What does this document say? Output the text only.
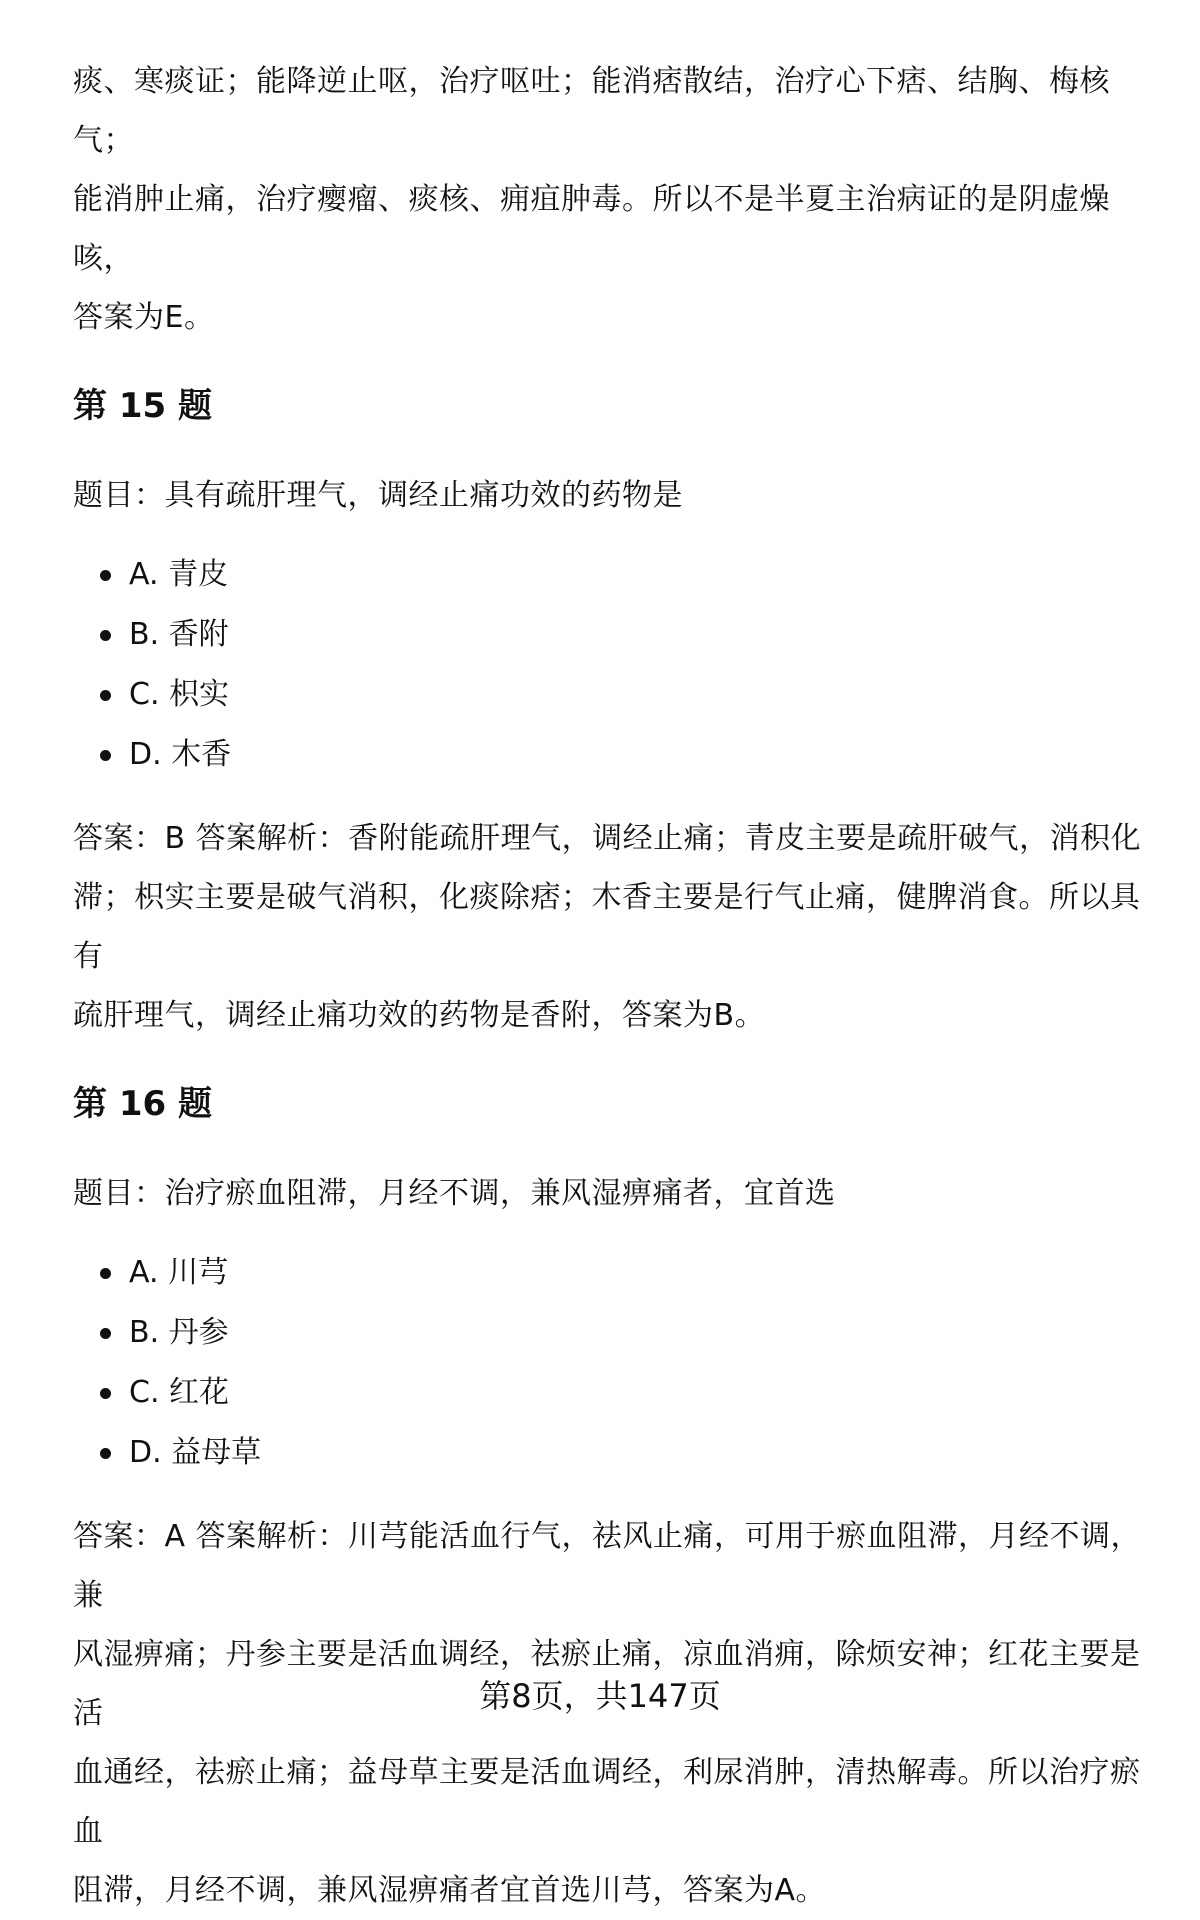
痰、寒痰证；能降逆止呕，治疗呕吐；能消痞散结，治疗心下痞、结胸、梅核气；

能消肿止痛，治疗瘿瘤、痰核、痈疽肿毒。所以不是半夏主治病证的是阴虚燥咳，

答案为E。

第 15 题

题目：具有疏肝理气，调经止痛功效的药物是

A. 青皮
B. 香附
C. 枳实
D. 木香

答案：B 答案解析：香附能疏肝理气，调经止痛；青皮主要是疏肝破气，消积化

滞；枳实主要是破气消积，化痰除痞；木香主要是行气止痛，健脾消食。所以具有

疏肝理气，调经止痛功效的药物是香附，答案为B。

第 16 题

题目：治疗瘀血阻滞，月经不调，兼风湿痹痛者，宜首选

A. 川芎
B. 丹参
C. 红花
D. 益母草

答案：A 答案解析：川芎能活血行气，祛风止痛，可用于瘀血阻滞，月经不调，兼

风湿痹痛；丹参主要是活血调经，祛瘀止痛，凉血消痈，除烦安神；红花主要是活

血通经，祛瘀止痛；益母草主要是活血调经，利尿消肿，清热解毒。所以治疗瘀血

阻滞，月经不调，兼风湿痹痛者宜首选川芎，答案为A。

第8页，共147页
